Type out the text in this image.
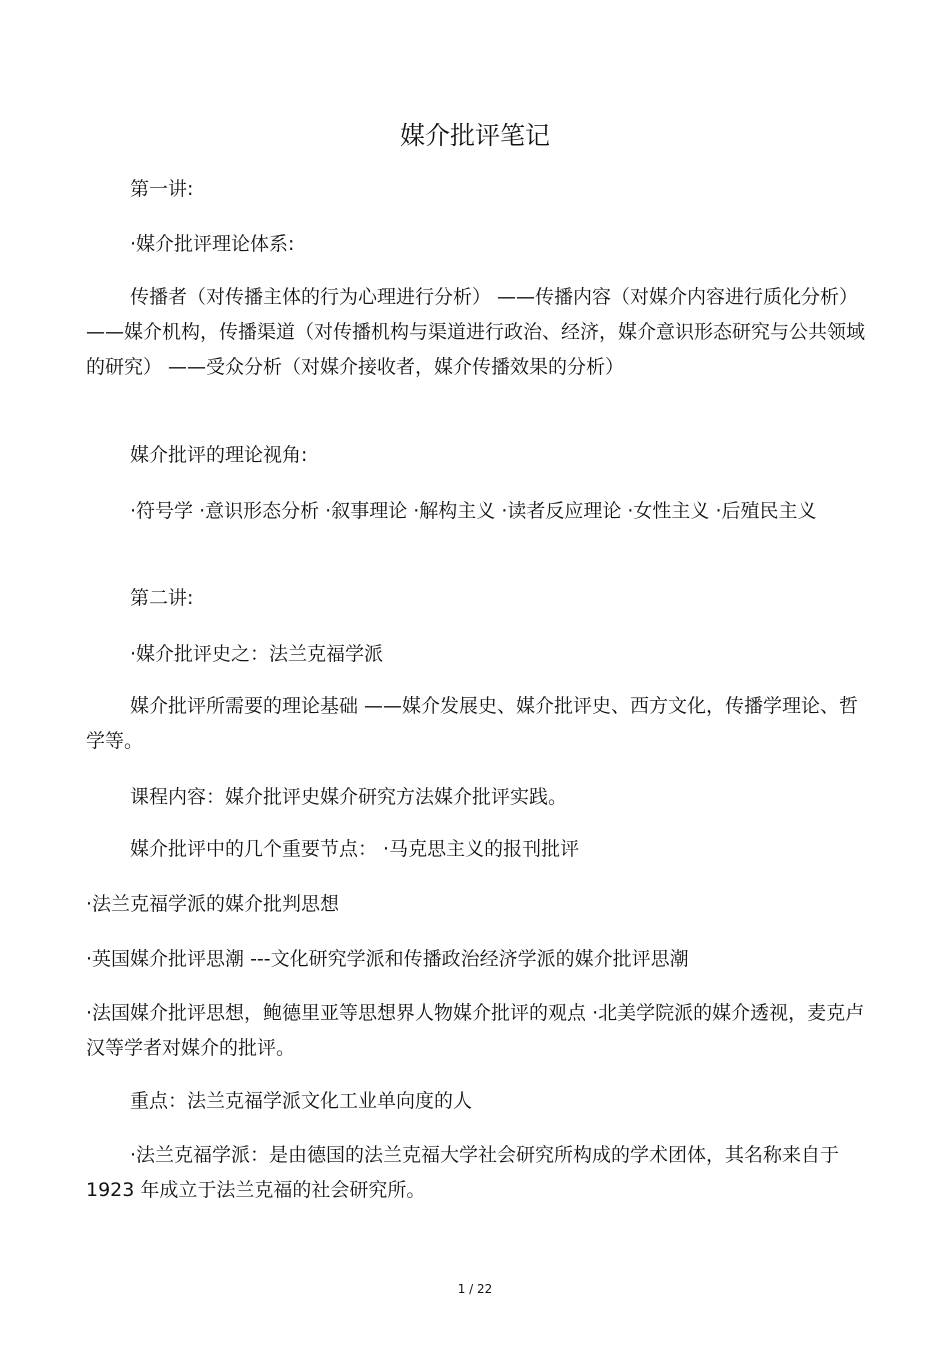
媒介批评笔记

第一讲:

·媒介批评理论体系:

传播者（对传播主体的行为心理进行分析） ——传播内容（对媒介内容进行质化分析） ——媒介机构，传播渠道（对传播机构与渠道进行政治、经济，媒介意识形态研究与公共领域的研究） ——受众分析（对媒介接收者，媒介传播效果的分析）

媒介批评的理论视角:

·符号学 ·意识形态分析 ·叙事理论 ·解构主义 ·读者反应理论 ·女性主义 ·后殖民主义

第二讲:

·媒介批评史之：法兰克福学派

媒介批评所需要的理论基础 ——媒介发展史、媒介批评史、西方文化，传播学理论、哲学等。

课程内容：媒介批评史媒介研究方法媒介批评实践。

媒介批评中的几个重要节点： ·马克思主义的报刊批评

·法兰克福学派的媒介批判思想

·英国媒介批评思潮 ---文化研究学派和传播政治经济学派的媒介批评思潮

·法国媒介批评思想，鲍德里亚等思想界人物媒介批评的观点 ·北美学院派的媒介透视，麦克卢汉等学者对媒介的批评。

重点：法兰克福学派文化工业单向度的人

·法兰克福学派：是由德国的法兰克福大学社会研究所构成的学术团体，其名称来自于 1923 年成立于法兰克福的社会研究所。

1 / 22
